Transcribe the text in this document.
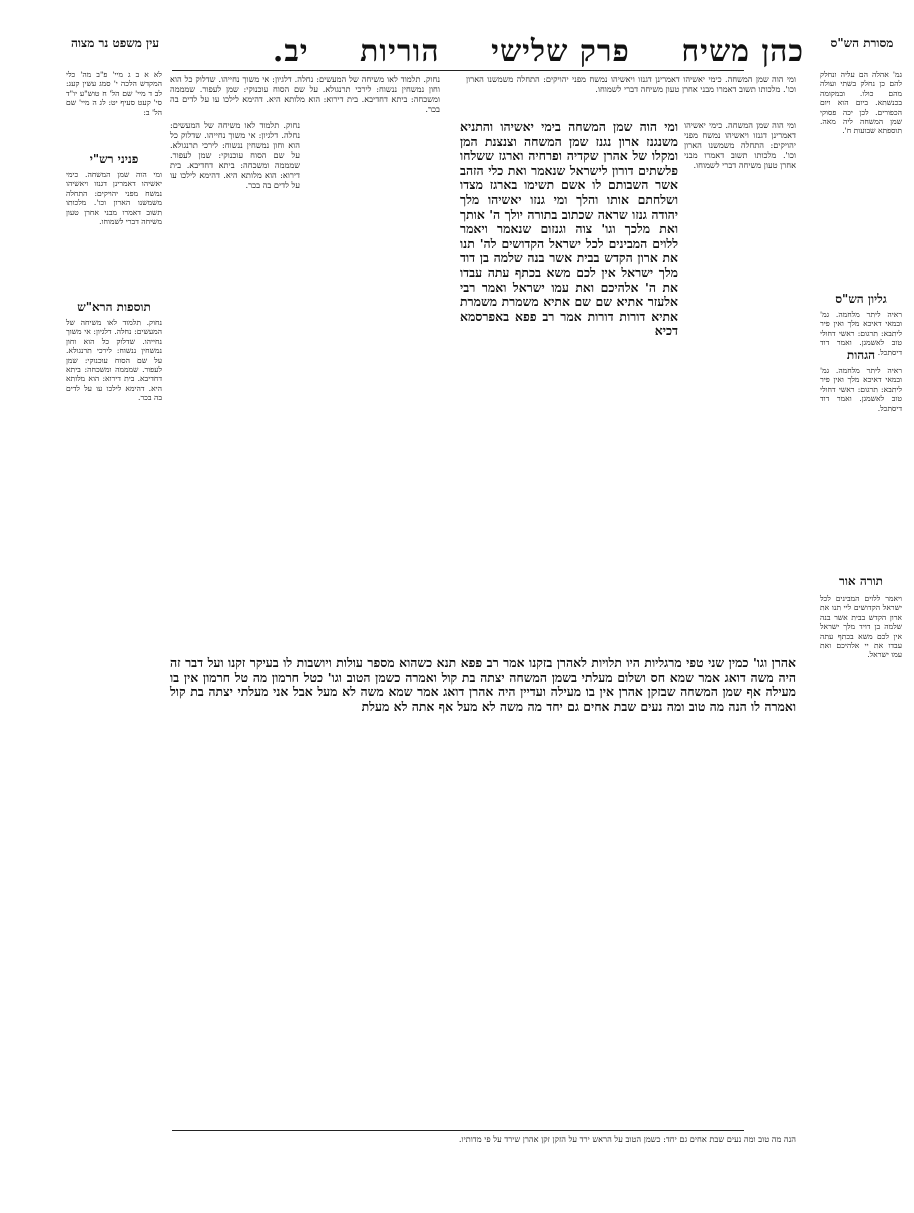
כהן משיח פרק שלישי הוריות יב.	מסורת הש"ס
עין משפט נר מצוה

גמ' אהלה הם עליה ונחלק להם כן נחלק בשתי ועולה מהם כולו. ובמקומה בכנשתא. ביום הוא ויום הכפורים. לכן יכה פסוקי שמן המשחה ליה מאה. תוספתא שבועות ח'.

גליון הש"ס

ראיה ליתר מלחמה. גמ' ובמאי דאיכא מלך ואין פיר ליתבא: תרגום: ראשי דחולי טוב לאשמגן. ואמר דוד דיסתכל.

הגהות

ראיה ליתר מלחמה. גמ' ובמאי דאיכא מלך ואין פיר ליתבא: תרגום: ראשי דחולי טוב לאשמגן. ואמר דוד דיסתכל.

תורה אור

ויאמר ללוים המבינים לכל ישראל הקדושים ליי תנו את ארון הקדש בבית אשר בנה שלמה בן דויד מלך ישראל אין לכם משא בכתף עתה עבדו את יי אלהיכם ואת עמו ישראל.

לא א ב ג מיי' פ"ב מה' כלי המקדש הלכה י' סמג עשין קעג: לב ד מיי' שם הל' ח טוש"ע יו"ד סי' קעט סעיף יט: לג ה מיי' שם הל' ב:

פניני רש"י

ומי הוה שמן המשחה. כימי יאשיהו דאמרינן דגנזו ויאשיהו נמשח מפני יהויקים: התחלה משמשנו הארון וכו'. מלכותו תשוב דאמרו מבני אחרן טעון משיחה דברי לשמוחו.

תוספות הרא"ש

נחוק. תלמוד לאו משיחה של המעשים: נחלה. דלגיון: אי משוך נחייהו. שדלוק כל הוא וחון נמשחין ננשוח: לירכי תרנגולא. על שם הסוח עוכנוקי: שמן לעפור. שמממה ומשכחה: ביתא דחדיבא. בית דירוא: הוא מלותא היא. דהימא לילכו עו על לדים בה בכר.

ומי הוה שמן המשחה. כימי יאשיהו דאמרינן דגנזו ויאשיהו נמשח מפני יהויקים: התחלה משמשנו הארון וכו'. מלכותו תשוב דאמרו מבני אחרן טעון משיחה דברי לשמוחו.

ומי הוה שמן המשחה. כימי יאשיהו דאמרינן דגנזו ויאשיהו נמשח מפני יהויקים: התחלה משמשנו הארון וכו'. מלכותו תשוב דאמרו מבני אחרן טעון משיחה דברי לשמוחו.

נחוק. תלמוד לאו משיחה של המעשים: נחלה. דלגיון: אי משוך נחייהו. שדלוק כל הוא וחון נמשחין ננשוח: לירכי תרנגולא. על שם הסוח עוכנוקי: שמן לעפור. שמממה ומשכחה: ביתא דחדיבא. בית דירוא: הוא מלותא היא. דהימא לילכו עו על לדים בה בכר.

נחוק. תלמוד לאו משיחה של המעשים: נחלה. דלגיון: אי משוך נחייהו. שדלוק כל הוא וחון נמשחין ננשוח: לירכי תרנגולא. על שם הסוח עוכנוקי: שמן לעפור. שמממה ומשכחה: ביתא דחדיבא. בית דירוא: הוא מלותא היא. דהימא לילכו עו על לדים בה בכר.

ומי הוה שמן המשחה בימי יאשיהו והתניא משנגנז ארון נגנז שמן המשחה וצנצנת המן ומקלו של אהרן שקדיה ופרחיה וארגז ששלחו פלשתים דורון לישראל שנאמר ואת כלי הזהב אשר השבותם לו אשם תשימו בארגז מצדו ושלחתם אותו והלך ומי גנזו יאשיהו מלך יהודה גנזו שראה שכתוב בתורה יולך ה' אותך ואת מלכך וגו' צוה וגנזום שנאמר ויאמר ללוים המבינים לכל ישראל הקדושים לה' תנו את ארון הקדש בבית אשר בנה שלמה בן דוד מלך ישראל אין לכם משא בכתף עתה עבדו את ה' אלהיכם ואת עמו ישראל ואמר רבי אלעזר אתיא שם שם אתיא משמרת משמרת אתיא דורות דורות אמר רב פפא באפרסמא דכיא

אהרן וגו' כמין שני טפי מרגליות היו תלויות לאהרן בזקנו אמר רב פפא תנא כשהוא מספר עולות ויושבות לו בעיקר זקנו ועל דבר זה היה משה דואג אמר שמא חס ושלום מעלתי בשמן המשחה יצתה בת קול ואמרה כשמן הטוב וגו' כטל חרמון מה טל חרמון אין בו מעילה אף שמן המשחה שבזקן אהרן אין בו מעילה ועדיין היה אהרן דואג אמר שמא משה לא מעל אבל אני מעלתי יצתה בת קול ואמרה לו הנה מה טוב ומה נעים שבת אחים גם יחד מה משה לא מעל אף אתה לא מעלת

הנה מה טוב ומה נעים שבת אחים גם יחד: כשמן הטוב על הראש ירד על הזקן זקן אהרן שירד על פי מדותיו.
